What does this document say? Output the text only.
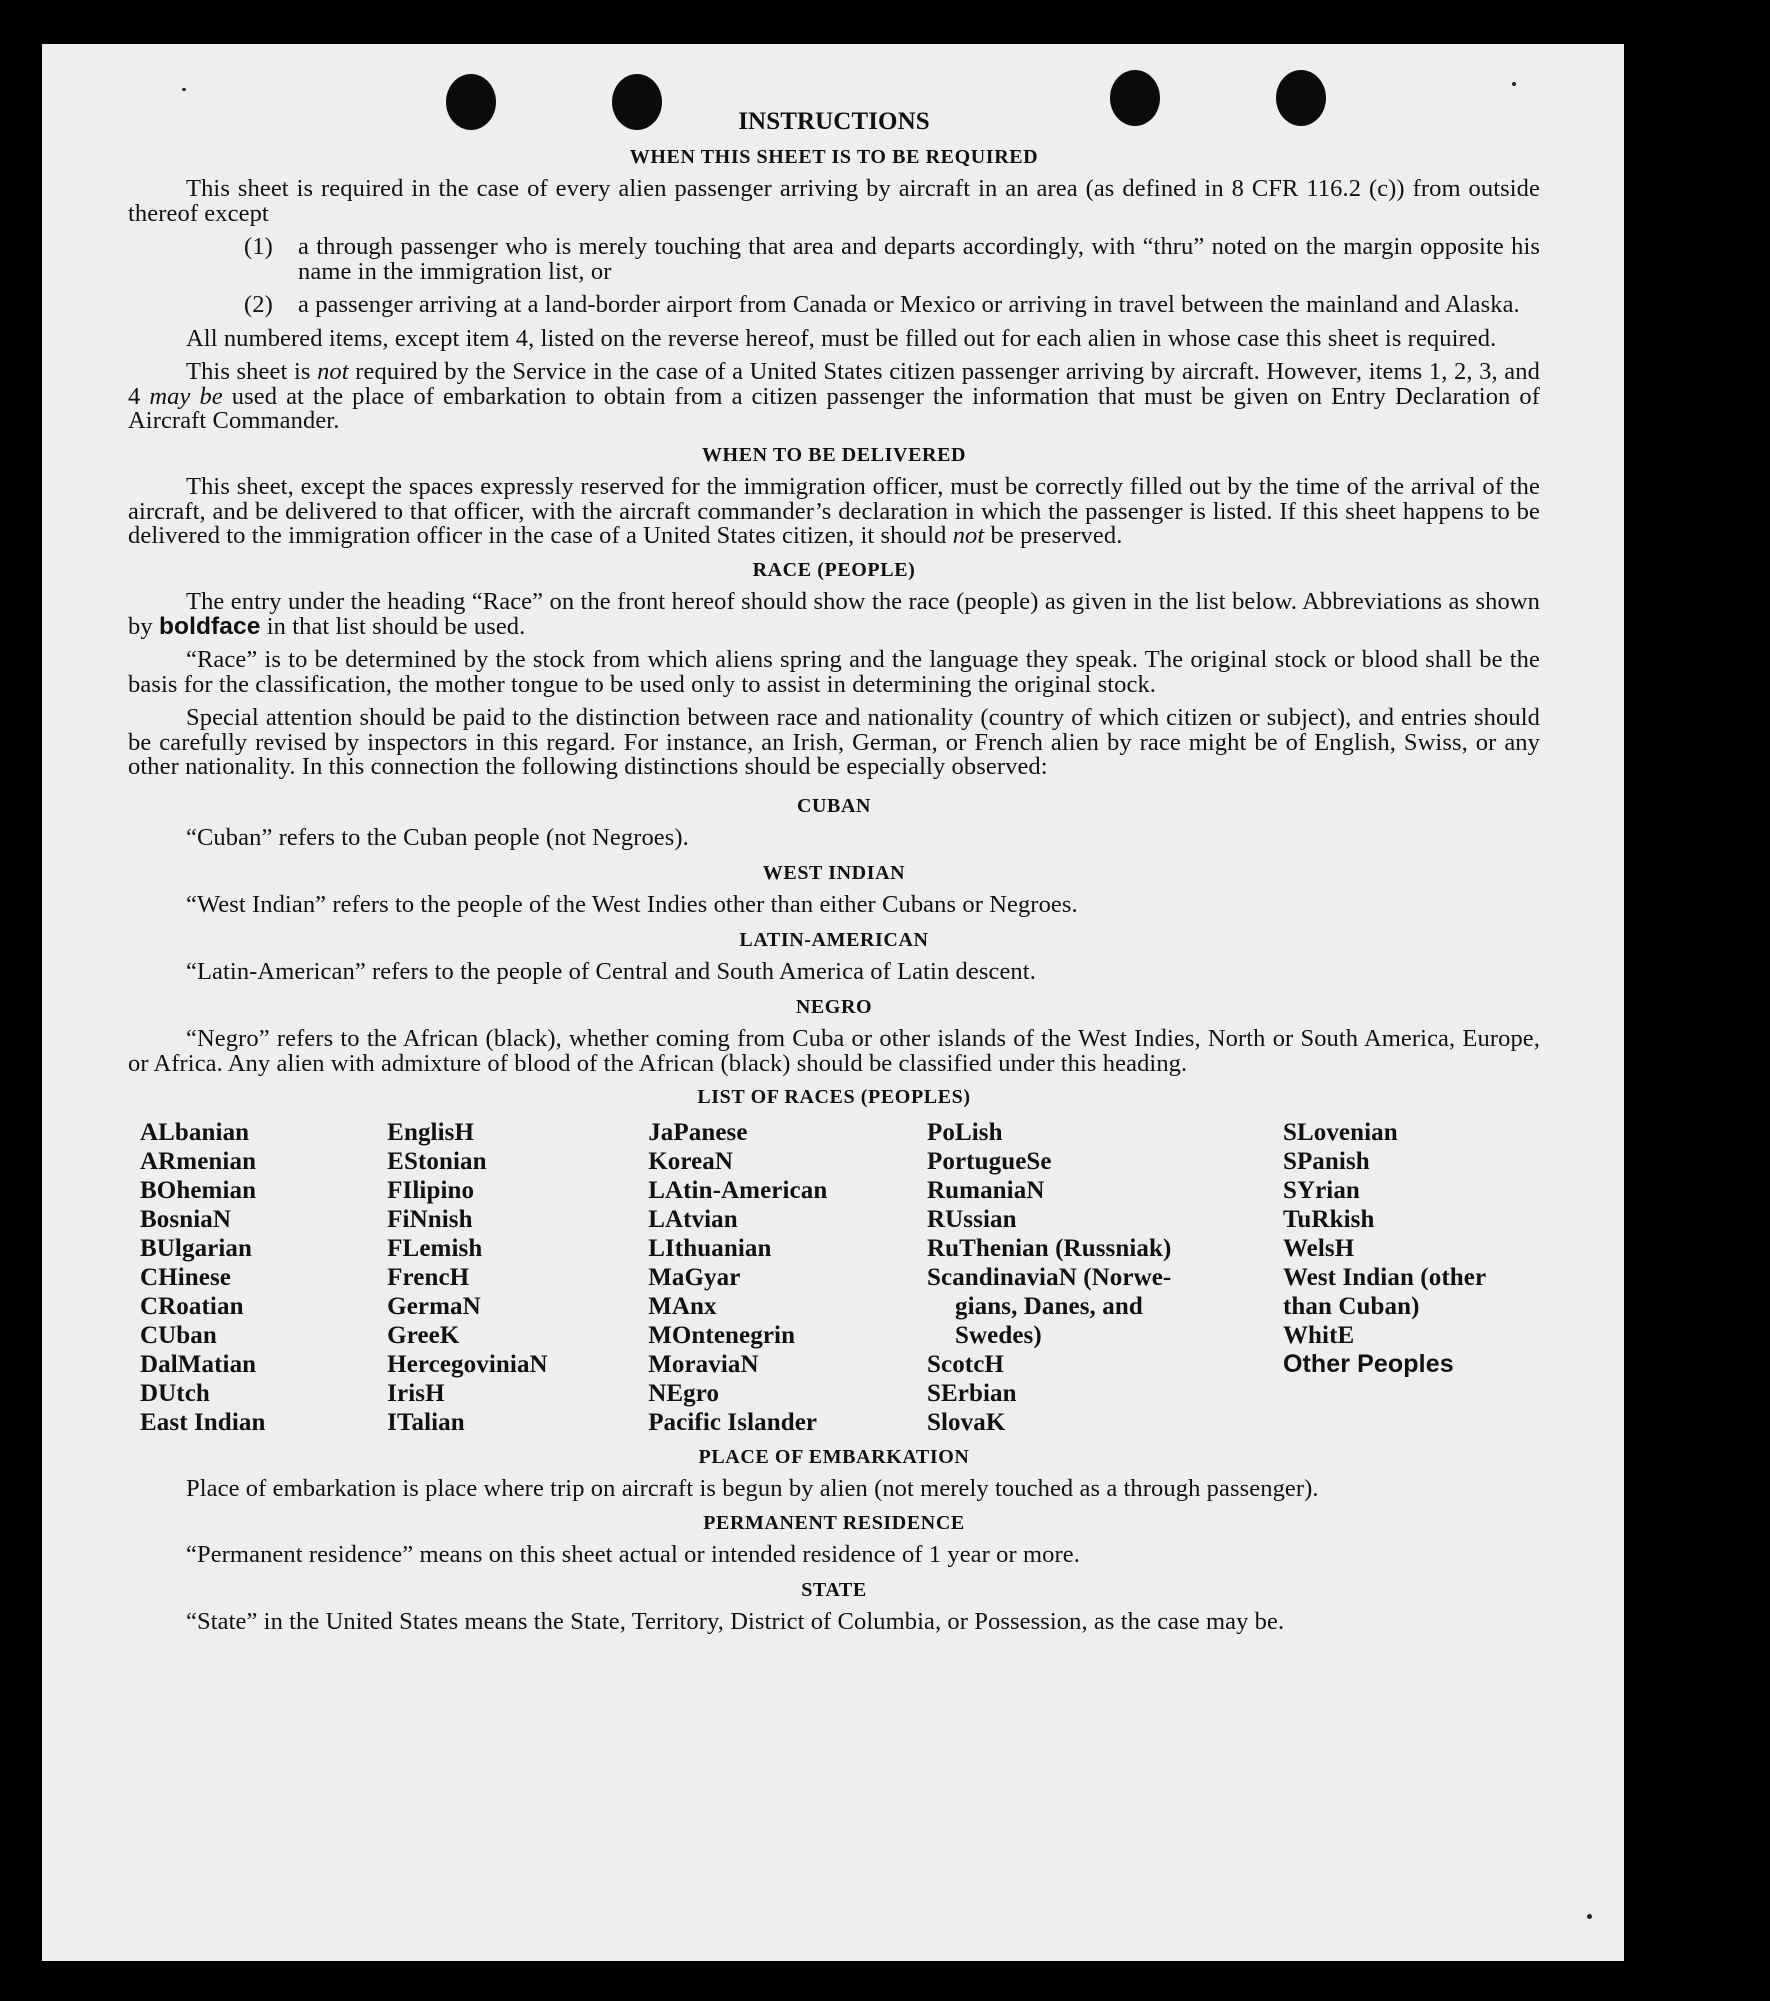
INSTRUCTIONS
WHEN THIS SHEET IS TO BE REQUIRED
This sheet is required in the case of every alien passenger arriving by aircraft in an area (as defined in 8 CFR 116.2 (c)) from outside thereof except
(1)	a through passenger who is merely touching that area and departs accordingly, with “thru” noted on the margin opposite his name in the immigration list, or
(2)	a passenger arriving at a land-border airport from Canada or Mexico or arriving in travel between the mainland and Alaska.
All numbered items, except item 4, listed on the reverse hereof, must be filled out for each alien in whose case this sheet is required.
This sheet is not required by the Service in the case of a United States citizen passenger arriving by aircraft. However, items 1, 2, 3, and 4 may be used at the place of embarkation to obtain from a citizen passenger the information that must be given on Entry Declaration of Aircraft Commander.
WHEN TO BE DELIVERED
This sheet, except the spaces expressly reserved for the immigration officer, must be correctly filled out by the time of the arrival of the aircraft, and be delivered to that officer, with the aircraft commander’s declaration in which the passenger is listed. If this sheet happens to be delivered to the immigration officer in the case of a United States citizen, it should not be preserved.
RACE (PEOPLE)
The entry under the heading “Race” on the front hereof should show the race (people) as given in the list below. Abbreviations as shown by boldface in that list should be used.
“Race” is to be determined by the stock from which aliens spring and the language they speak. The original stock or blood shall be the basis for the classification, the mother tongue to be used only to assist in determining the original stock.
Special attention should be paid to the distinction between race and nationality (country of which citizen or subject), and entries should be carefully revised by inspectors in this regard. For instance, an Irish, German, or French alien by race might be of English, Swiss, or any other nationality. In this connection the following distinctions should be especially observed:
CUBAN
“Cuban” refers to the Cuban people (not Negroes).
WEST INDIAN
“West Indian” refers to the people of the West Indies other than either Cubans or Negroes.
LATIN-AMERICAN
“Latin-American” refers to the people of Central and South America of Latin descent.
NEGRO
“Negro” refers to the African (black), whether coming from Cuba or other islands of the West Indies, North or South America, Europe, or Africa. Any alien with admixture of blood of the African (black) should be classified under this heading.
LIST OF RACES (PEOPLES)
ALbanian
ARmenian
BOhemian
BosniaN
BUlgarian
CHinese
CRoatian
CUban
DalMatian
DUtch
East Indian
EnglisH
EStonian
FIlipino
FiNnish
FLemish
FrencH
GermaN
GreeK
HercegoviniaN
IrisH
ITalian
JaPanese
KoreaN
LAtin-American
LAtvian
LIthuanian
MaGyar
MAnx
MOntenegrin
MoraviaN
NEgro
Pacific Islander
PoLish
PortugueSe
RumaniaN
RUssian
RuThenian (Russniak)
ScandinaviaN (Norwe-
gians, Danes, and
Swedes)
ScotcH
SErbian
SlovaK
SLovenian
SPanish
SYrian
TuRkish
WelsH
West Indian (other
than Cuban)
WhitE
Other Peoples
PLACE OF EMBARKATION
Place of embarkation is place where trip on aircraft is begun by alien (not merely touched as a through passenger).
PERMANENT RESIDENCE
“Permanent residence” means on this sheet actual or intended residence of 1 year or more.
STATE
“State” in the United States means the State, Territory, District of Columbia, or Possession, as the case may be.
